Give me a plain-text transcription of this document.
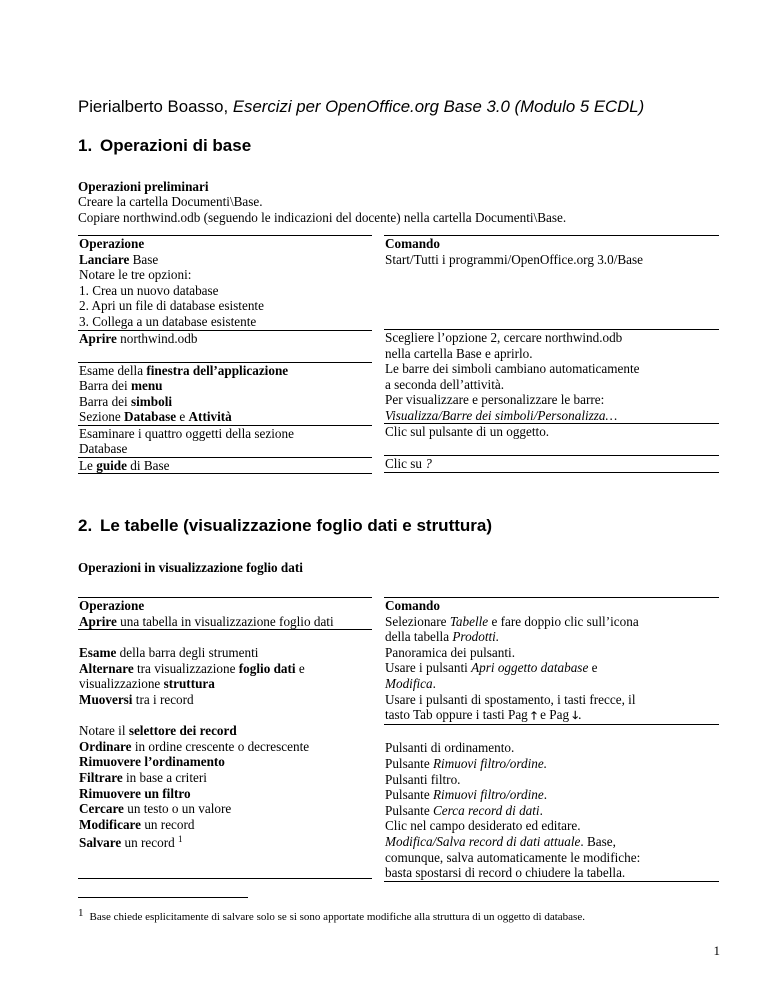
Pierialberto Boasso, Esercizi per OpenOffice.org Base 3.0 (Modulo 5 ECDL)
1. Operazioni di base
Operazioni preliminari
Creare la cartella Documenti\Base.
Copiare northwind.odb (seguendo le indicazioni del docente) nella cartella Documenti\Base.
Operazione
Lanciare Base
Notare le tre opzioni:
1. Crea un nuovo database
2. Apri un file di database esistente
3. Collega a un database esistente
Aprire northwind.odb
Esame della finestra dell’applicazione
Barra dei menu
Barra dei simboli
Sezione Database e Attività
Esaminare i quattro oggetti della sezione
Database
Le guide di Base
Comando
Start/Tutti i programmi/OpenOffice.org 3.0/Base
Scegliere l’opzione 2, cercare northwind.odb
nella cartella Base e aprirlo.
Le barre dei simboli cambiano automaticamente
a seconda dell’attività.
Per visualizzare e personalizzare le barre:
Visualizza/Barre dei simboli/Personalizza…
Clic sul pulsante di un oggetto.
Clic su ?
2. Le tabelle (visualizzazione foglio dati e struttura)
Operazioni in visualizzazione foglio dati
Operazione
Aprire una tabella in visualizzazione foglio dati
Esame della barra degli strumenti
Alternare tra visualizzazione foglio dati e
visualizzazione struttura
Muoversi tra i record

Notare il selettore dei record
Ordinare in ordine crescente o decrescente
Rimuovere l’ordinamento
Filtrare in base a criteri
Rimuovere un filtro
Cercare un testo o un valore
Modificare un record
Salvare un record $^1$
Comando
Selezionare Tabelle e fare doppio clic sull’icona
della tabella Prodotti.
Panoramica dei pulsanti.
Usare i pulsanti Apri oggetto database e
Modifica.
Usare i pulsanti di spostamento, i tasti frecce, il
tasto Tab oppure i tasti Pag 🡑 e Pag 🡓.

Pulsanti di ordinamento.
Pulsante Rimuovi filtro/ordine.
Pulsanti filtro.
Pulsante Rimuovi filtro/ordine.
Pulsante Cerca record di dati.
Clic nel campo desiderato ed editare.
Modifica/Salva record di dati attuale. Base,
comunque, salva automaticamente le modifiche:
basta spostarsi di record o chiudere la tabella.
$^1$ Base chiede esplicitamente di salvare solo se si sono apportate modifiche alla struttura di un oggetto di database.
1
